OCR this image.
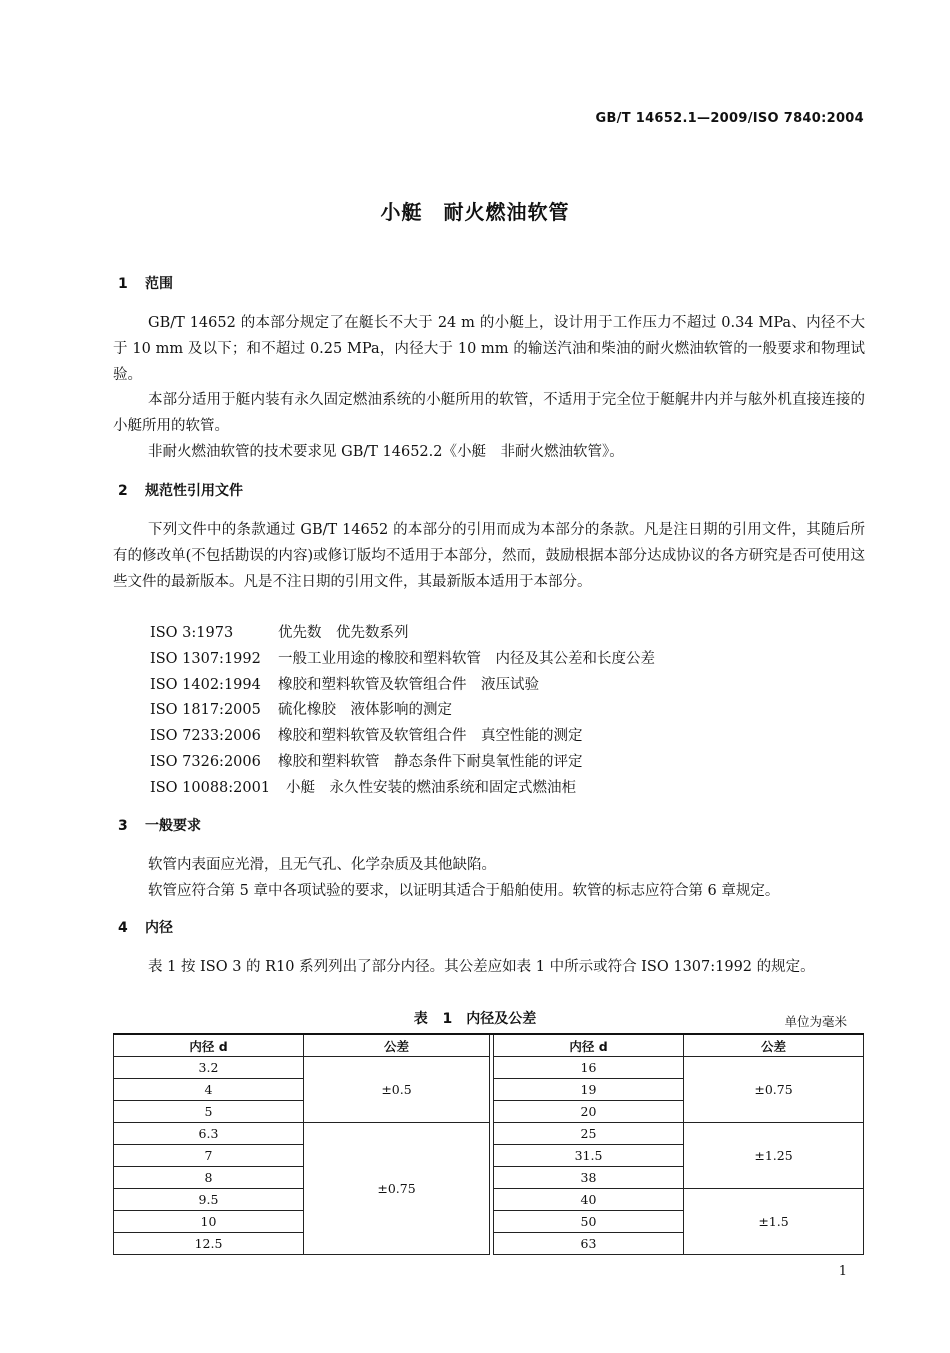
GB/T 14652.1—2009/ISO 7840:2004
小艇　耐火燃油软管
1 范围
GB/T 14652 的本部分规定了在艇长不大于 24 m 的小艇上，设计用于工作压力不超过 0.34 MPa、内径不大于 10 mm 及以下；和不超过 0.25 MPa，内径大于 10 mm 的输送汽油和柴油的耐火燃油软管的一般要求和物理试验。
本部分适用于艇内装有永久固定燃油系统的小艇所用的软管，不适用于完全位于艇艉井内并与舷外机直接连接的小艇所用的软管。
非耐火燃油软管的技术要求见 GB/T 14652.2《小艇　非耐火燃油软管》。
2 规范性引用文件
下列文件中的条款通过 GB/T 14652 的本部分的引用而成为本部分的条款。凡是注日期的引用文件，其随后所有的修改单(不包括勘误的内容)或修订版均不适用于本部分，然而，鼓励根据本部分达成协议的各方研究是否可使用这些文件的最新版本。凡是不注日期的引用文件，其最新版本适用于本部分。
ISO 3:1973	优先数　优先数系列
ISO 1307:1992 一般工业用途的橡胶和塑料软管　内径及其公差和长度公差
ISO 1402:1994 橡胶和塑料软管及软管组合件　液压试验
ISO 1817:2005 硫化橡胶　液体影响的测定
ISO 7233:2006 橡胶和塑料软管及软管组合件　真空性能的测定
ISO 7326:2006 橡胶和塑料软管　静态条件下耐臭氧性能的评定
ISO 10088:2001 小艇　永久性安装的燃油系统和固定式燃油柜
3 一般要求
软管内表面应光滑，且无气孔、化学杂质及其他缺陷。
软管应符合第 5 章中各项试验的要求，以证明其适合于船舶使用。软管的标志应符合第 6 章规定。
4 内径
表 1 按 ISO 3 的 R10 系列列出了部分内径。其公差应如表 1 中所示或符合 ISO 1307:1992 的规定。
表 1　内径及公差	单位为毫米
内径 d	公差		内径 d	公差
3.2	±0.5		16	±0.75
4			19	
5			20	
6.3	±0.75		25	±1.25
7			31.5	
8			38	
9.5			40	±1.5
10			50	
12.5			63	
1
